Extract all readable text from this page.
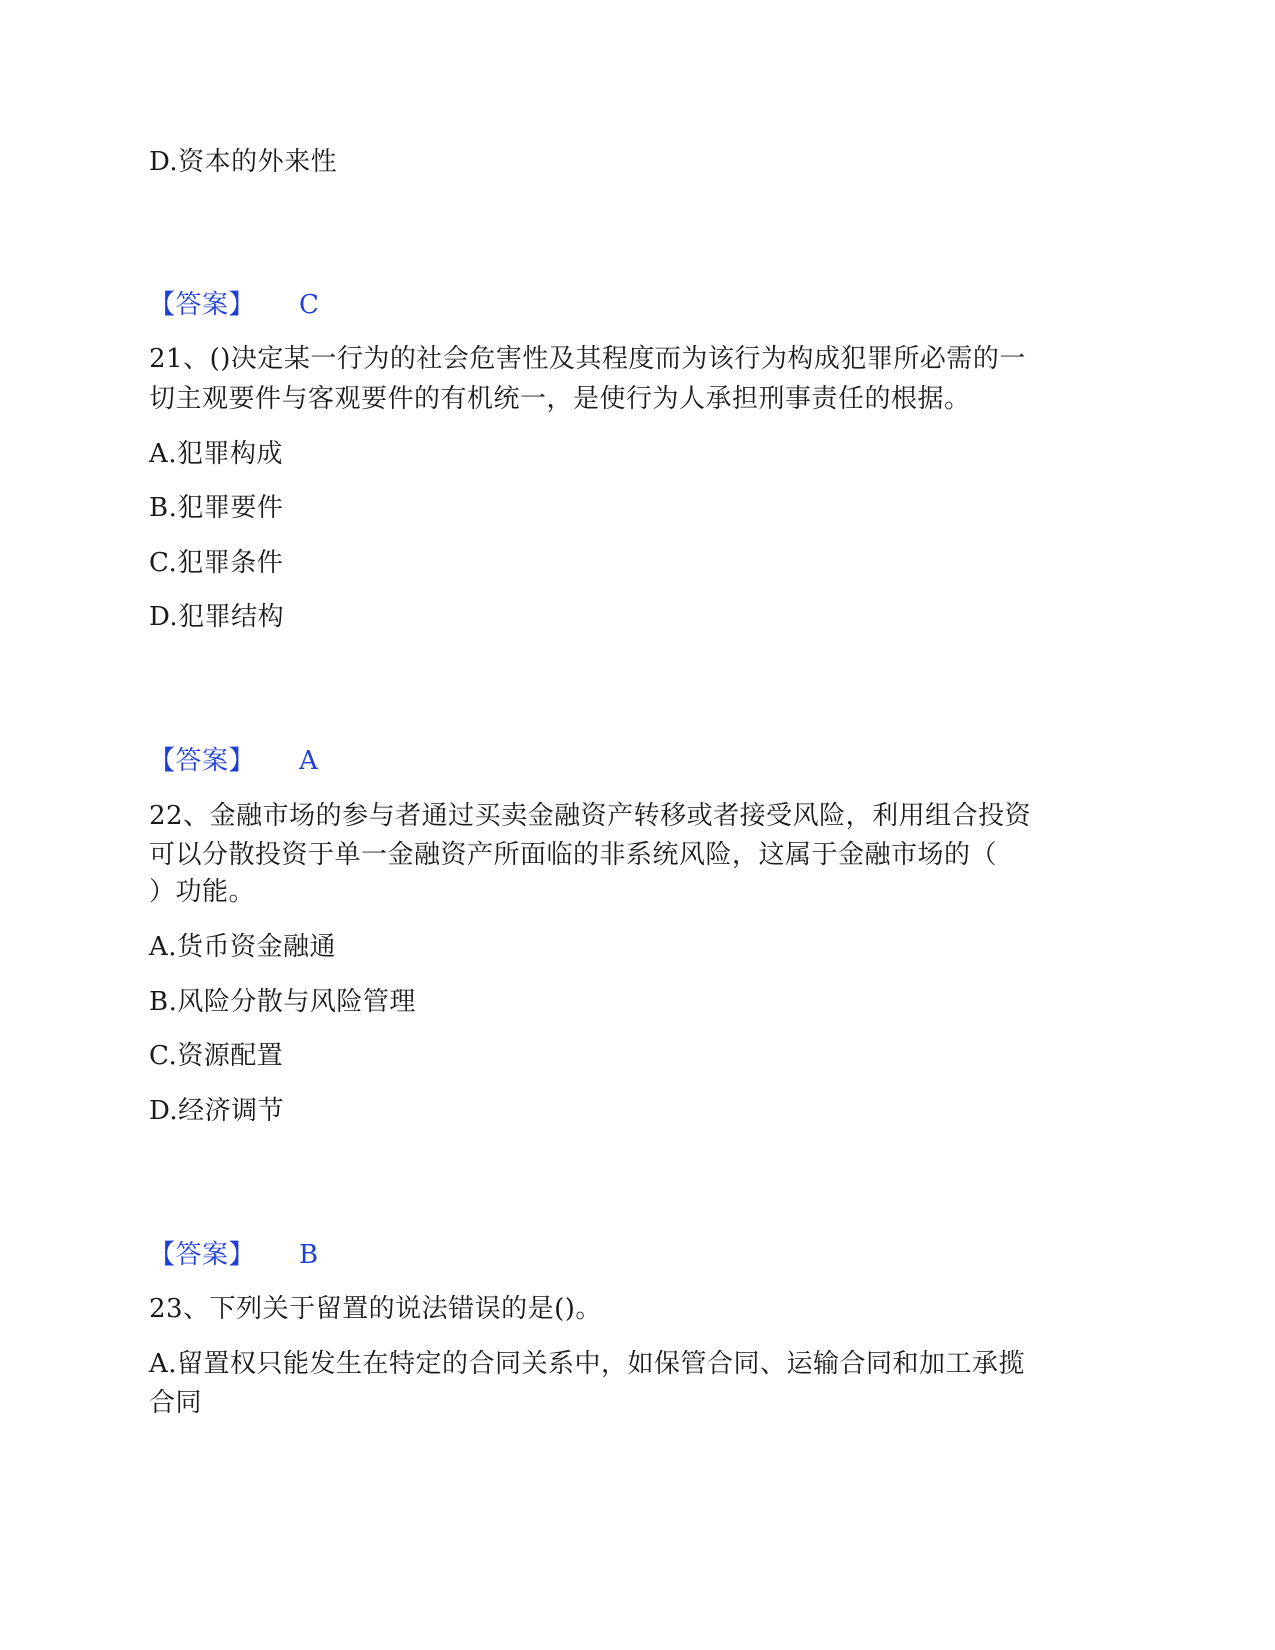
D.资本的外来性

【答案】 C

21、()决定某一行为的社会危害性及其程度而为该行为构成犯罪所必需的一

切主观要件与客观要件的有机统一，是使行为人承担刑事责任的根据。

A.犯罪构成

B.犯罪要件

C.犯罪条件

D.犯罪结构

【答案】 A

22、金融市场的参与者通过买卖金融资产转移或者接受风险，利用组合投资

可以分散投资于单一金融资产所面临的非系统风险，这属于金融市场的（

）功能。

A.货币资金融通

B.风险分散与风险管理

C.资源配置

D.经济调节

【答案】 B

23、下列关于留置的说法错误的是()。

A.留置权只能发生在特定的合同关系中，如保管合同、运输合同和加工承揽

合同
